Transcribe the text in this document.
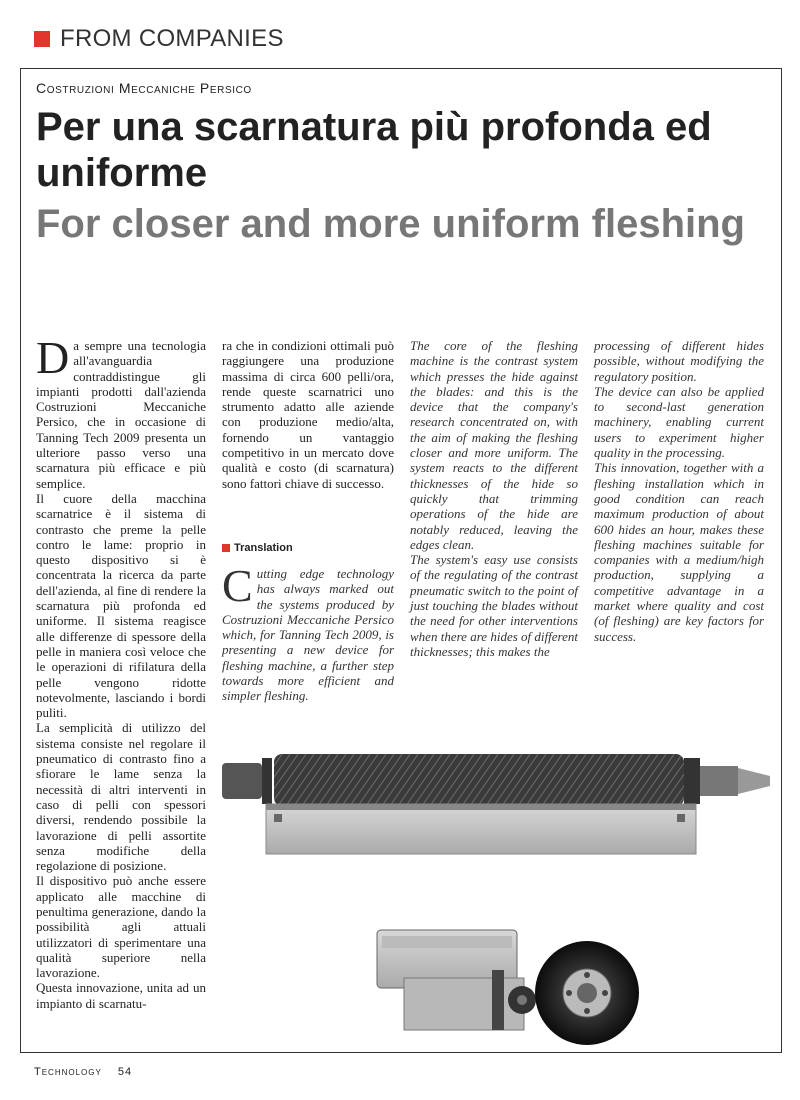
FROM COMPANIES
Costruzioni Meccaniche Persico
Per una scarnatura più profonda ed uniforme
For closer and more uniform fleshing

Da sempre una tecnologia all'avanguardia contraddistingue gli impianti prodotti dall'azienda Costruzioni Meccaniche Persico, che in occasione di Tanning Tech 2009 presenta un ulteriore passo verso una scarnatura più efficace e più semplice.

Il cuore della macchina scarnatrice è il sistema di contrasto che preme la pelle contro le lame: proprio in questo dispositivo si è concentrata la ricerca da parte dell'azienda, al fine di rendere la scarnatura più profonda ed uniforme. Il sistema reagisce alle differenze di spessore della pelle in maniera così veloce che le operazioni di rifilatura della pelle vengono ridotte notevolmente, lasciando i bordi puliti.

La semplicità di utilizzo del sistema consiste nel regolare il pneumatico di contrasto fino a sfiorare le lame senza la necessità di altri interventi in caso di pelli con spessori diversi, rendendo possibile la lavorazione di pelli assortite senza modifiche della regolazione di posizione.

Il dispositivo può anche essere applicato alle macchine di penultima generazione, dando la possibilità agli attuali utilizzatori di sperimentare una qualità superiore nella lavorazione.

Questa innovazione, unita ad un impianto di scarnatu-

ra che in condizioni ottimali può raggiungere una produzione massima di circa 600 pelli/ora, rende queste scarnatrici uno strumento adatto alle aziende con produzione medio/alta, fornendo un vantaggio competitivo in un mercato dove qualità e costo (di scarnatura) sono fattori chiave di successo.

Translation

Cutting edge technology has always marked out the systems produced by Costruzioni Meccaniche Persico which, for Tanning Tech 2009, is presenting a new device for fleshing machine, a further step towards more efficient and simpler fleshing.

The core of the fleshing machine is the contrast system which presses the hide against the blades: and this is the device that the company's research concentrated on, with the aim of making the fleshing closer and more uniform. The system reacts to the different thicknesses of the hide so quickly that trimming operations of the hide are notably reduced, leaving the edges clean.

The system's easy use consists of the regulating of the contrast pneumatic switch to the point of just touching the blades without the need for other interventions when there are hides of different thicknesses; this makes the

processing of different hides possible, without modifying the regulatory position.

The device can also be applied to second-last generation machinery, enabling current users to experiment higher quality in the processing.

This innovation, together with a fleshing installation which in good condition can reach maximum production of about 600 hides an hour, makes these fleshing machines suitable for companies with a medium/high production, supplying a competitive advantage in a market where quality and cost (of fleshing) are key factors for success.

Technology 54
